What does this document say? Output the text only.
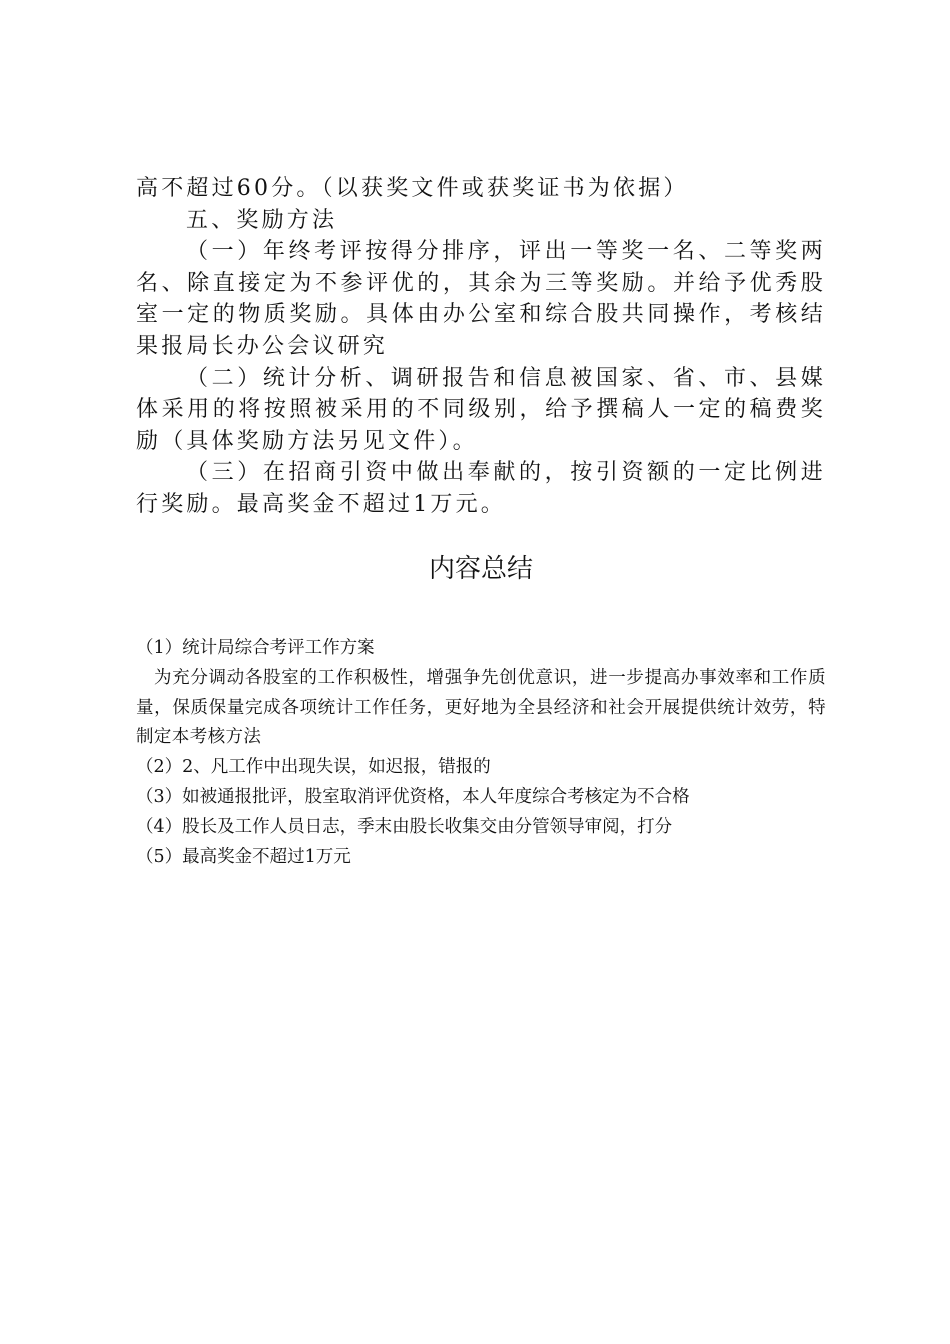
高不超过60分。（以获奖文件或获奖证书为依据）

五、奖励方法

（一）年终考评按得分排序，评出一等奖一名、二等奖两名、除直接定为不参评优的，其余为三等奖励。并给予优秀股室一定的物质奖励。具体由办公室和综合股共同操作，考核结果报局长办公会议研究

（二）统计分析、调研报告和信息被国家、省、市、县媒体采用的将按照被采用的不同级别，给予撰稿人一定的稿费奖励（具体奖励方法另见文件）。

（三）在招商引资中做出奉献的，按引资额的一定比例进行奖励。最高奖金不超过1万元。

内容总结

（1）统计局综合考评工作方案

为充分调动各股室的工作积极性，增强争先创优意识，进一步提高办事效率和工作质量，保质保量完成各项统计工作任务，更好地为全县经济和社会开展提供统计效劳，特制定本考核方法

（2）2、凡工作中出现失误，如迟报，错报的

（3）如被通报批评，股室取消评优资格，本人年度综合考核定为不合格

（4）股长及工作人员日志，季末由股长收集交由分管领导审阅，打分

（5）最高奖金不超过1万元
